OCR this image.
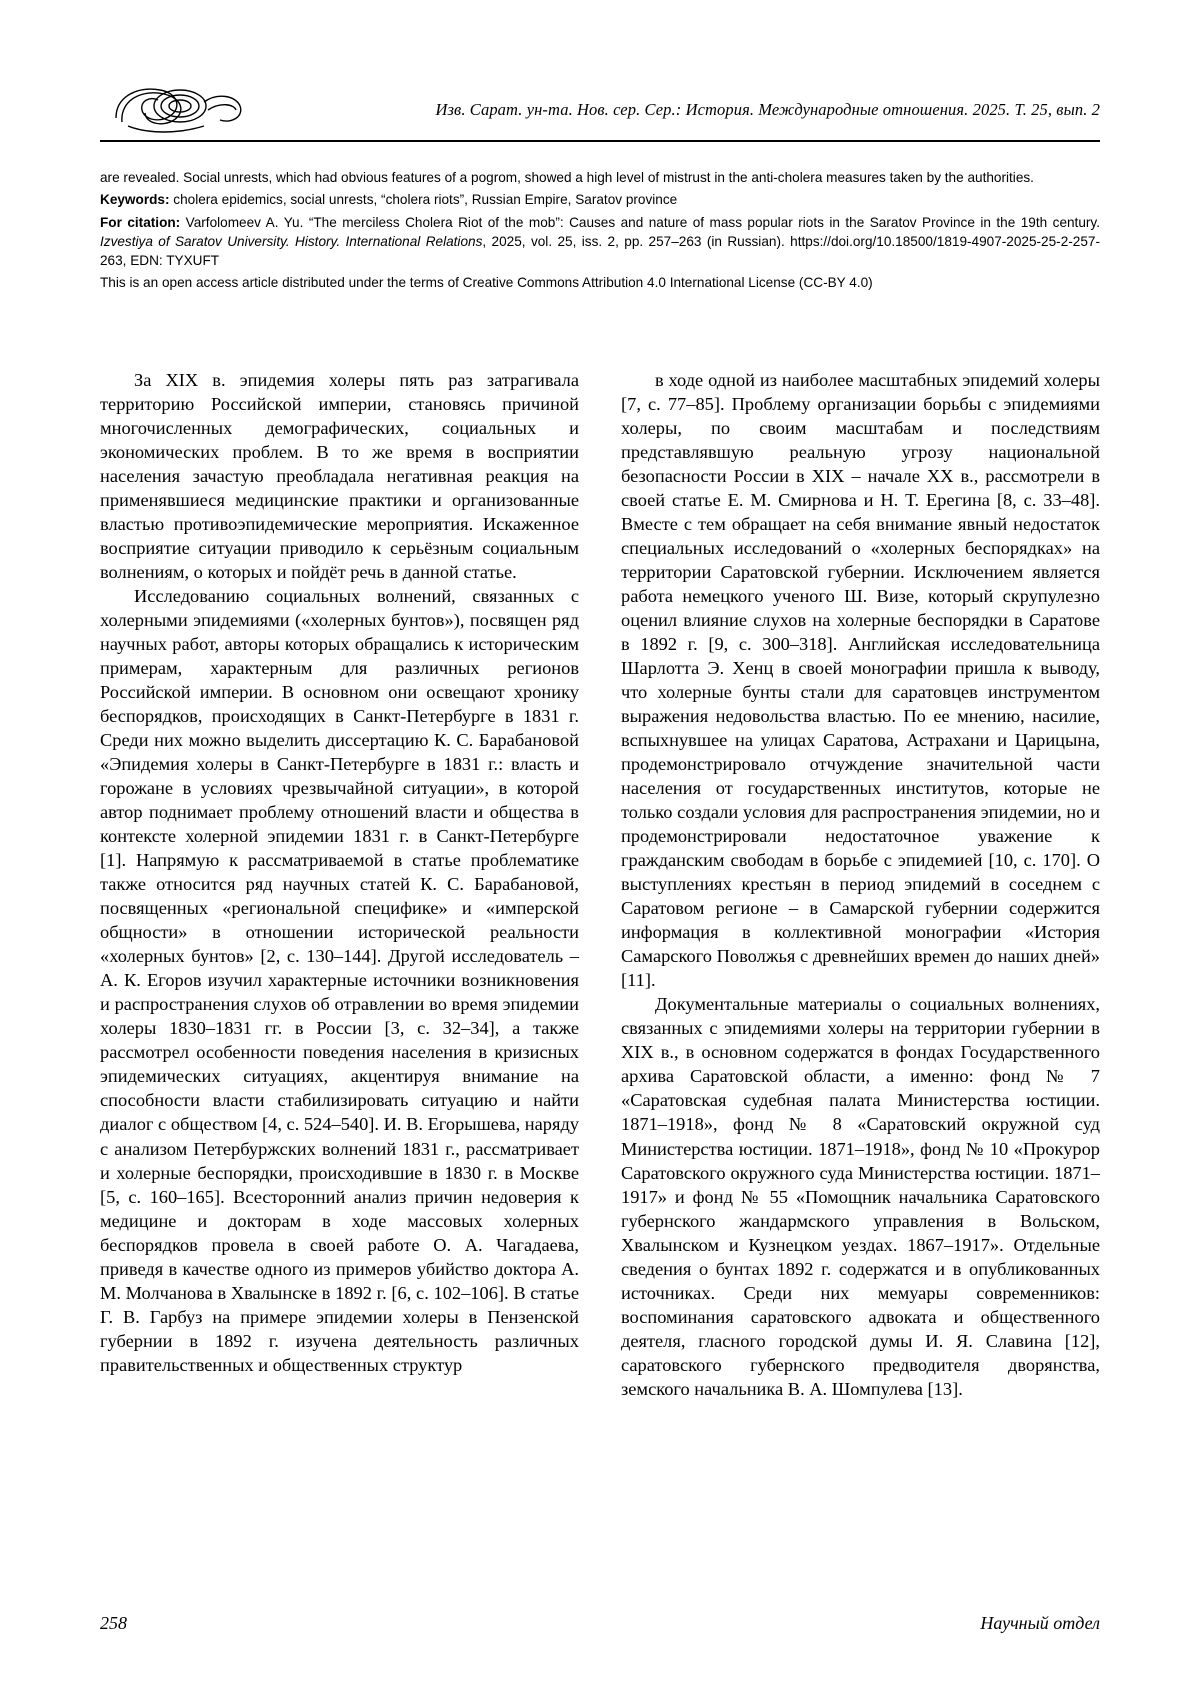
Изв. Сарат. ун-та. Нов. сер. Сер.: История. Международные отношения. 2025. Т. 25, вып. 2

are revealed. Social unrests, which had obvious features of a pogrom, showed a high level of mistrust in the anti-cholera measures taken by the authorities.

Keywords: cholera epidemics, social unrests, “cholera riots”, Russian Empire, Saratov province

For citation: Varfolomeev A. Yu. “The merciless Cholera Riot of the mob”: Causes and nature of mass popular riots in the Saratov Province in the 19th century. Izvestiya of Saratov University. History. International Relations, 2025, vol. 25, iss. 2, pp. 257–263 (in Russian). https://doi.org/10.18500/1819-4907-2025-25-2-257-263, EDN: TYXUFT

This is an open access article distributed under the terms of Creative Commons Attribution 4.0 International License (CC-BY 4.0)

За XIX в. эпидемия холеры пять раз затрагивала территорию Российской империи, становясь причиной многочисленных демографических, социальных и экономических проблем. В то же время в восприятии населения зачастую преобладала негативная реакция на применявшиеся медицинские практики и организованные властью противоэпидемические мероприятия. Искаженное восприятие ситуации приводило к серьёзным социальным волнениям, о которых и пойдёт речь в данной статье.

Исследованию социальных волнений, связанных с холерными эпидемиями («холерных бунтов»), посвящен ряд научных работ, авторы которых обращались к историческим примерам, характерным для различных регионов Российской империи. В основном они освещают хронику беспорядков, происходящих в Санкт-Петербурге в 1831 г. Среди них можно выделить диссертацию К. С. Барабановой «Эпидемия холеры в Санкт-Петербурге в 1831 г.: власть и горожане в условиях чрезвычайной ситуации», в которой автор поднимает проблему отношений власти и общества в контексте холерной эпидемии 1831 г. в Санкт-Петербурге [1]. Напрямую к рассматриваемой в статье проблематике также относится ряд научных статей К. С. Барабановой, посвященных «региональной специфике» и «имперской общности» в отношении исторической реальности «холерных бунтов» [2, с. 130–144]. Другой исследователь – А. К. Егоров изучил характерные источники возникновения и распространения слухов об отравлении во время эпидемии холеры 1830–1831 гг. в России [3, с. 32–34], а также рассмотрел особенности поведения населения в кризисных эпидемических ситуациях, акцентируя внимание на способности власти стабилизировать ситуацию и найти диалог с обществом [4, с. 524–540]. И. В. Егорышева, наряду с анализом Петербуржских волнений 1831 г., рассматривает и холерные беспорядки, происходившие в 1830 г. в Москве [5, с. 160–165]. Всесторонний анализ причин недоверия к медицине и докторам в ходе массовых холерных беспорядков провела в своей работе О. А. Чагадаева, приведя в качестве одного из примеров убийство доктора А. М. Молчанова в Хвалынске в 1892 г. [6, с. 102–106]. В статье Г. В. Гарбуз на примере эпидемии холеры в Пензенской губернии в 1892 г. изучена деятельность различных правительственных и общественных структур

в ходе одной из наиболее масштабных эпидемий холеры [7, с. 77–85]. Проблему организации борьбы с эпидемиями холеры, по своим масштабам и последствиям представлявшую реальную угрозу национальной безопасности России в XIX – начале XX в., рассмотрели в своей статье Е. М. Смирнова и Н. Т. Ерегина [8, с. 33–48]. Вместе с тем обращает на себя внимание явный недостаток специальных исследований о «холерных беспорядках» на территории Саратовской губернии. Исключением является работа немецкого ученого Ш. Визе, который скрупулезно оценил влияние слухов на холерные беспорядки в Саратове в 1892 г. [9, с. 300–318]. Английская исследовательница Шарлотта Э. Хенц в своей монографии пришла к выводу, что холерные бунты стали для саратовцев инструментом выражения недовольства властью. По ее мнению, насилие, вспыхнувшее на улицах Саратова, Астрахани и Царицына, продемонстрировало отчуждение значительной части населения от государственных институтов, которые не только создали условия для распространения эпидемии, но и продемонстрировали недостаточное уважение к гражданским свободам в борьбе с эпидемией [10, с. 170]. О выступлениях крестьян в период эпидемий в соседнем с Саратовом регионе – в Самарской губернии содержится информация в коллективной монографии «История Самарского Поволжья с древнейших времен до наших дней» [11].

Документальные материалы о социальных волнениях, связанных с эпидемиями холеры на территории губернии в XIX в., в основном содержатся в фондах Государственного архива Саратовской области, а именно: фонд № 7 «Саратовская судебная палата Министерства юстиции. 1871–1918», фонд № 8 «Саратовский окружной суд Министерства юстиции. 1871–1918», фонд № 10 «Прокурор Саратовского окружного суда Министерства юстиции. 1871–1917» и фонд № 55 «Помощник начальника Саратовского губернского жандармского управления в Вольском, Хвалынском и Кузнецком уездах. 1867–1917». Отдельные сведения о бунтах 1892 г. содержатся и в опубликованных источниках. Среди них мемуары современников: воспоминания саратовского адвоката и общественного деятеля, гласного городской думы И. Я. Славина [12], саратовского губернского предводителя дворянства, земского начальника В. А. Шомпулева [13].

258	Научный отдел
